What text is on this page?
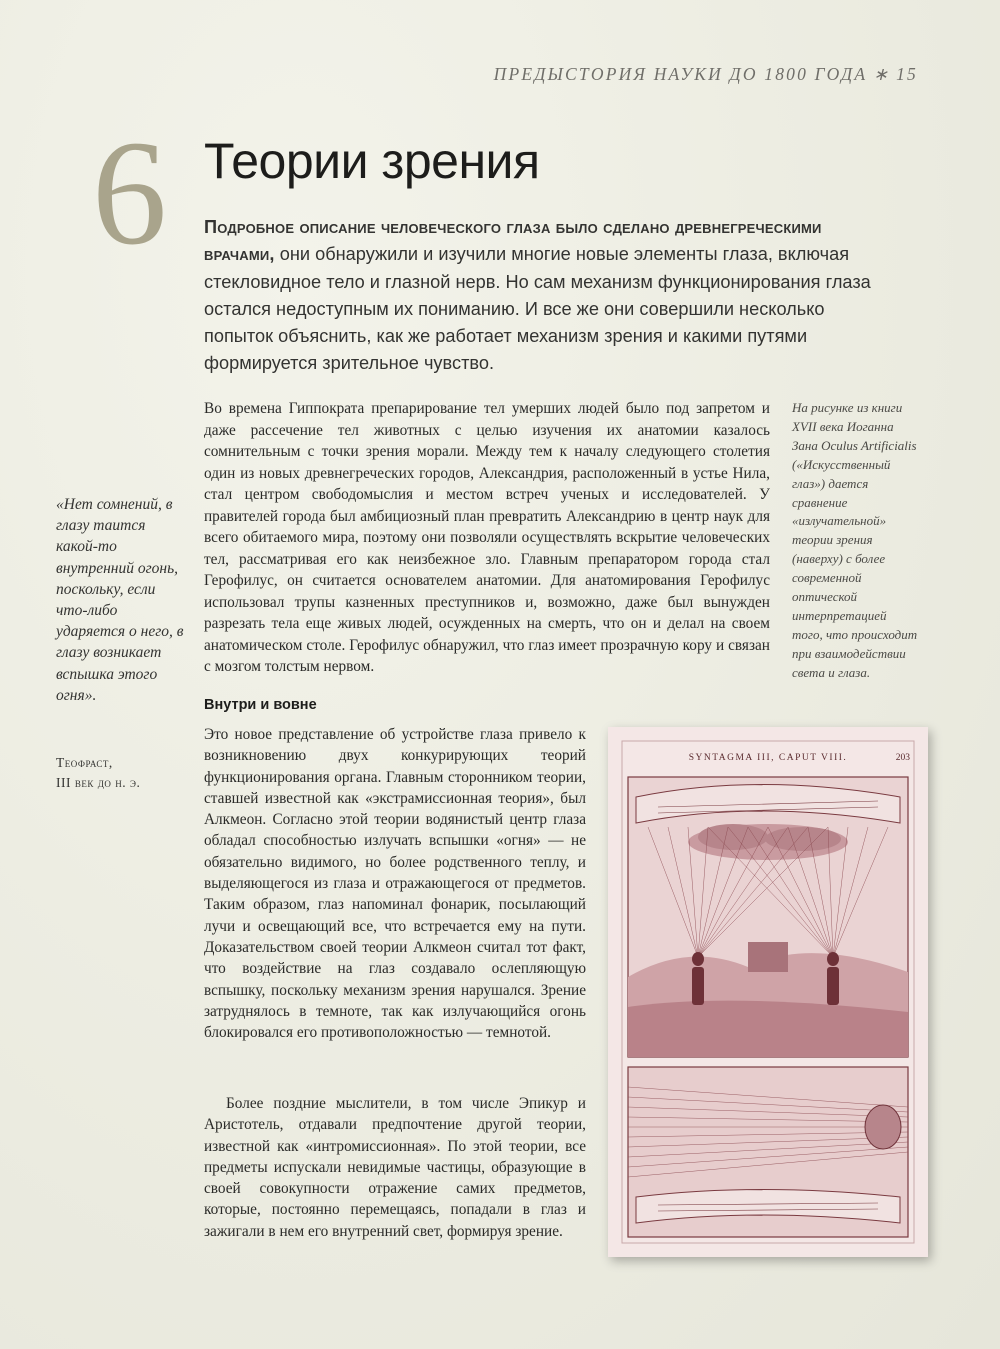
ПРЕДЫСТОРИЯ НАУКИ ДО 1800 ГОДА ∗ 15
6 Теории зрения

Подробное описание человеческого глаза было сделано древнегреческими врачами, они обнаружили и изучили многие новые элементы глаза, включая стекловидное тело и глазной нерв. Но сам механизм функционирования глаза остался недоступным их пониманию. И все же они совершили несколько попыток объяснить, как же работает механизм зрения и какими путями формируется зрительное чувство.

Во времена Гиппократа препарирование тел умерших людей было под запретом и даже рассечение тел животных с целью изучения их анатомии казалось сомнительным с точки зрения морали. Между тем к началу следующего столетия один из новых древнегреческих городов, Александрия, расположенный в устье Нила, стал центром свободомыслия и местом встреч ученых и исследователей. У правителей города был амбициозный план превратить Александрию в центр наук для всего обитаемого мира, поэтому они позволяли осуществлять вскрытие человеческих тел, рассматривая его как неизбежное зло. Главным препаратором города стал Герофилус, он считается основателем анатомии. Для анатомирования Герофилус использовал трупы казненных преступников и, возможно, даже был вынужден разрезать тела еще живых людей, осужденных на смерть, что он и делал на своем анатомическом столе. Герофилус обнаружил, что глаз имеет прозрачную кору и связан с мозгом толстым нервом.

На рисунке из книги XVII века Иоганна Зана Oculus Artificialis («Искусственный глаз») дается сравнение «излучательной» теории зрения (наверху) с более современной оптической интерпретацией того, что происходит при взаимодействии света и глаза.

«Нет сомнений, в глазу таится какой-то внутренний огонь, поскольку, если что-либо ударяется о него, в глазу возникает вспышка этого огня».

Теофраст,
III век до н. э.

Внутри и вовне

Это новое представление об устройстве глаза привело к возникновению двух конкурирующих теорий функционирования органа. Главным сторонником теории, ставшей известной как «экстрамиссионная теория», был Алкмеон. Согласно этой теории водянистый центр глаза обладал способностью излучать вспышки «огня» — не обязательно видимого, но более родственного теплу, и выделяющегося из глаза и отражающегося от предметов. Таким образом, глаз напоминал фонарик, посылающий лучи и освещающий все, что встречается ему на пути. Доказательством своей теории Алкмеон считал тот факт, что воздействие на глаз создавало ослепляющую вспышку, поскольку механизм зрения нарушался. Зрение затруднялось в темноте, так как излучающийся огонь блокировался его противоположностью — темнотой.

Более поздние мыслители, в том числе Эпикур и Аристотель, отдавали предпочтение другой теории, известной как «интромиссионная». По этой теории, все предметы испускали невидимые частицы, образующие в своей совокупности отражение самих предметов, которые, постоянно перемещаясь, попадали в глаз и зажигали в нем его внутренний свет, формируя зрение.

SYNTAGMA III, CAPUT VIII.	203
